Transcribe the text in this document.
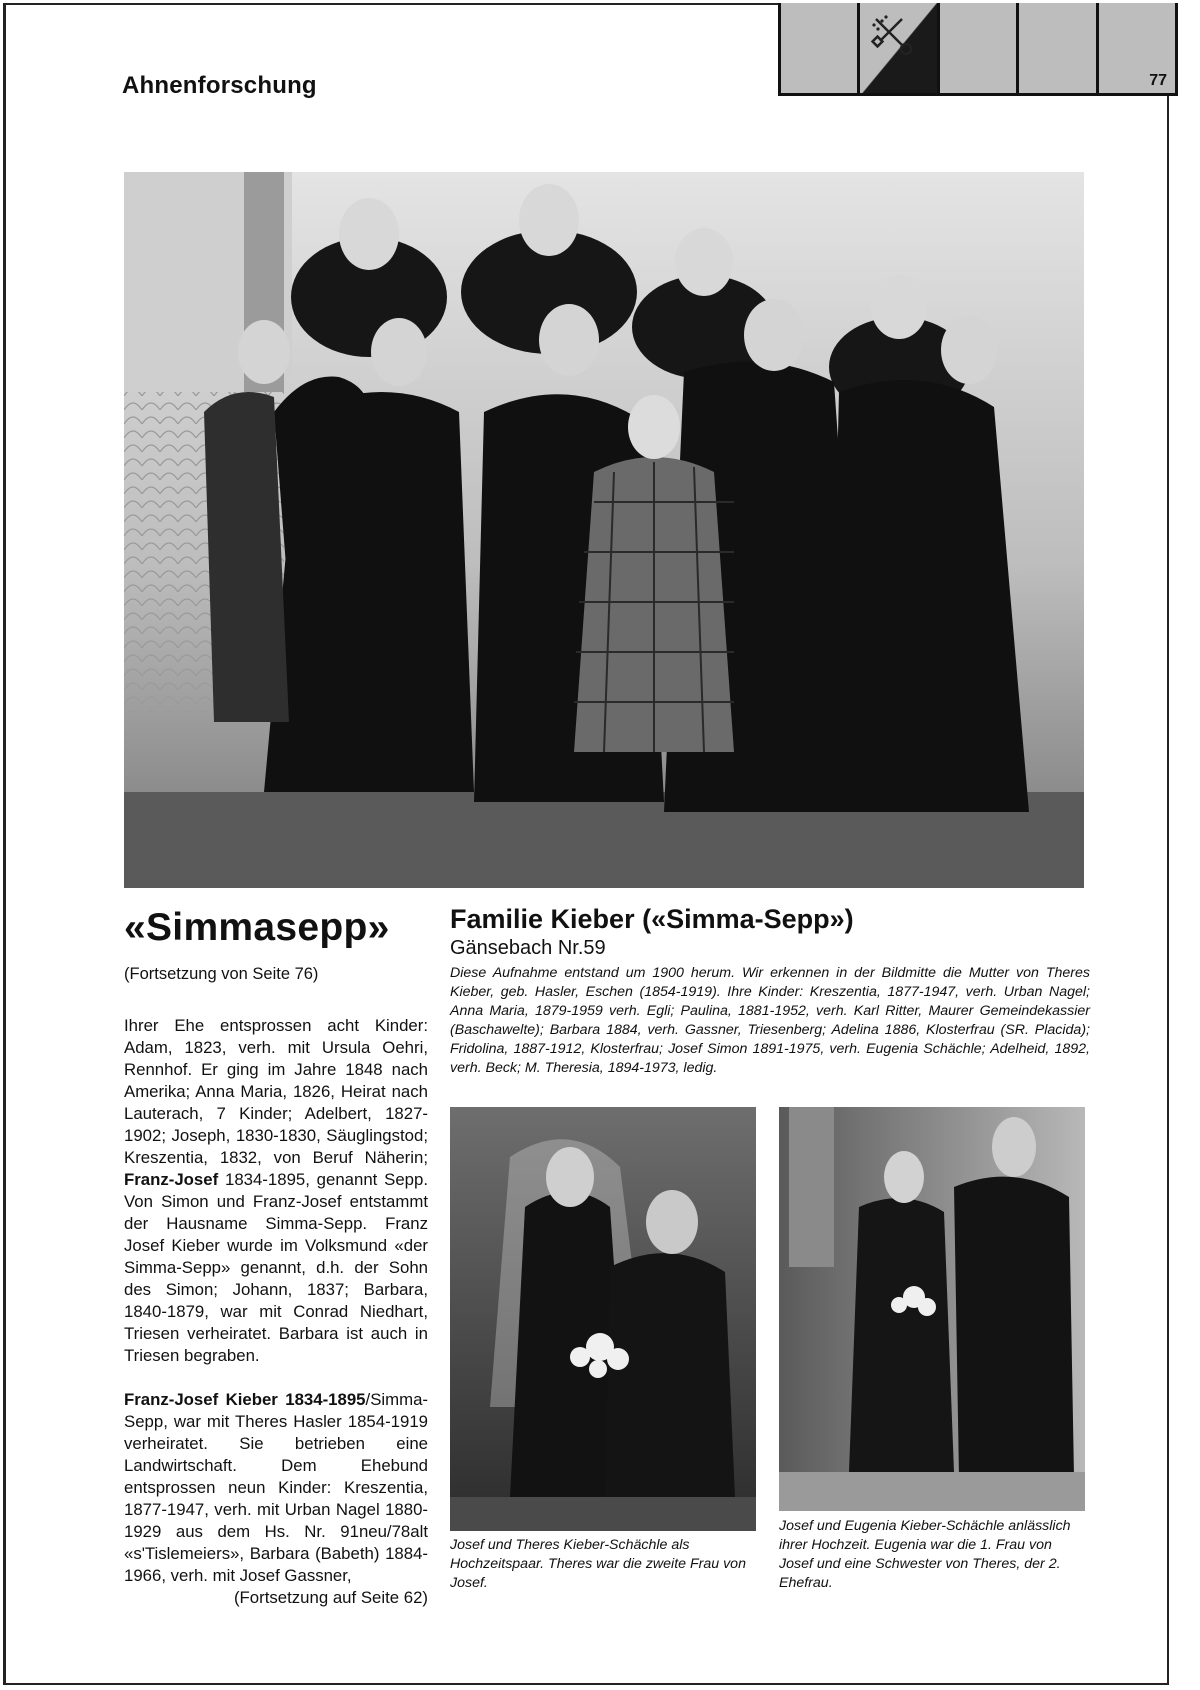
Ahnenforschung	77
«Simmasepp»
(Fortsetzung von Seite 76)
Ihrer Ehe entsprossen acht Kinder: Adam, 1823, verh. mit Ursula Oehri, Rennhof. Er ging im Jahre 1848 nach Amerika; Anna Maria, 1826, Heirat nach Lauterach, 7 Kinder; Adelbert, 1827-1902; Joseph, 1830-1830, Säuglingstod; Kreszentia, 1832, von Beruf Näherin; Franz-Josef 1834-1895, genannt Sepp. Von Simon und Franz-Josef entstammt der Hausname Simma-Sepp. Franz Josef Kieber wurde im Volksmund «der Simma-Sepp» genannt, d.h. der Sohn des Simon; Johann, 1837; Barbara, 1840-1879, war mit Conrad Niedhart, Triesen verheiratet. Barbara ist auch in Triesen begraben.
Franz-Josef Kieber 1834-1895/Simma-Sepp, war mit Theres Hasler 1854-1919 verheiratet. Sie betrieben eine Landwirtschaft. Dem Ehebund entsprossen neun Kinder: Kreszentia, 1877-1947, verh. mit Urban Nagel 1880-1929 aus dem Hs. Nr. 91neu/78alt «s'Tislemeiers», Barbara (Babeth) 1884-1966, verh. mit Josef Gassner,
(Fortsetzung auf Seite 62)
Familie Kieber («Simma-Sepp»)
Gänsebach Nr.59
Diese Aufnahme entstand um 1900 herum. Wir erkennen in der Bildmitte die Mutter von Theres Kieber, geb. Hasler, Eschen (1854-1919). Ihre Kinder: Kreszentia, 1877-1947, verh. Urban Nagel; Anna Maria, 1879-1959 verh. Egli; Paulina, 1881-1952, verh. Karl Ritter, Maurer Gemeindekassier (Baschawelte); Barbara 1884, verh. Gassner, Triesenberg; Adelina 1886, Klosterfrau (SR. Placida); Fridolina, 1887-1912, Klosterfrau; Josef Simon 1891-1975, verh. Eugenia Schächle; Adelheid, 1892, verh. Beck; M. Theresia, 1894-1973, ledig.
Josef und Theres Kieber-Schächle als Hochzeitspaar. Theres war die zweite Frau von Josef.
Josef und Eugenia Kieber-Schächle anlässlich ihrer Hochzeit. Eugenia war die 1. Frau von Josef und eine Schwester von Theres, der 2. Ehefrau.
